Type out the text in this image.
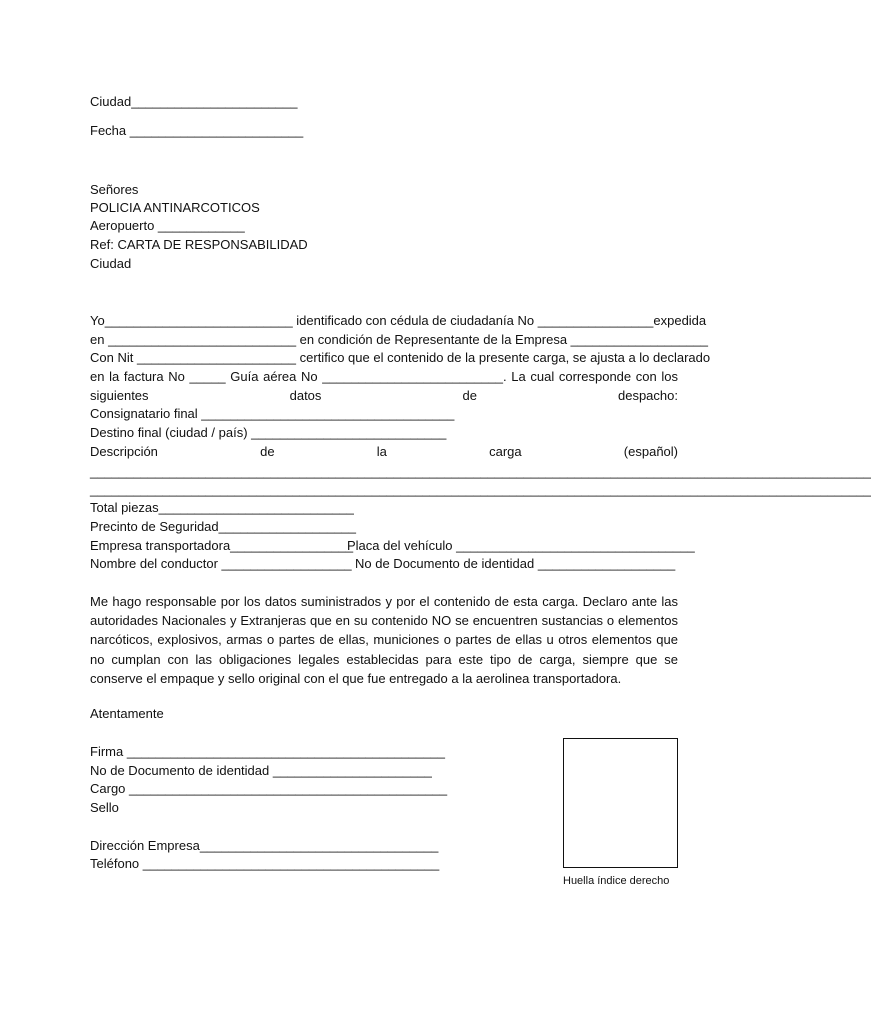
Ciudad_______________________

Fecha ________________________

Señores

POLICIA ANTINARCOTICOS

Aeropuerto ____________

Ref: CARTA DE RESPONSABILIDAD

Ciudad

Yo__________________________ identificado con cédula de ciudadanía No ________________expedida

en __________________________ en condición de Representante de la Empresa ___________________

Con Nit ______________________ certifico que el contenido de la presente carga, se ajusta a lo declarado

en la factura No _____ Guía aérea No _________________________. La cual corresponde con los

siguientes datos de despacho:

Consignatario final ___________________________________

Destino final (ciudad / país) ___________________________

Descripción de la carga (español)

____________________________________________________________________________________________________________
____________________________________________________________________________________________________________

Total piezas___________________________

Precinto de Seguridad___________________

Empresa transportadora_________________

Placa del vehículo _________________________________

Nombre del conductor __________________ No de Documento de identidad ___________________

Me hago responsable por los datos suministrados y por el contenido de esta carga. Declaro ante las autoridades Nacionales y Extranjeras que en su contenido NO se encuentren sustancias o elementos narcóticos, explosivos, armas o partes de ellas, municiones o partes de ellas u otros elementos que no cumplan con las obligaciones legales establecidas para este tipo de carga, siempre que se conserve el empaque y sello original con el que fue entregado a la aerolinea transportadora.

Atentamente

Firma ____________________________________________

No de Documento de identidad ______________________

Cargo ____________________________________________

Sello

Dirección Empresa_________________________________

Teléfono _________________________________________

Huella índice derecho
